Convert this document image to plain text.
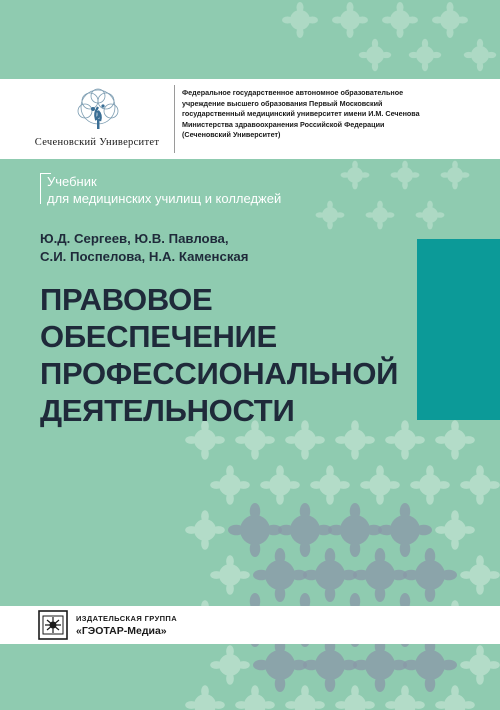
Сеченовский Университет
Федеральное государственное автономное образовательное
учреждение высшего образования Первый Московский
государственный медицинский университет имени И.М. Сеченова
Министерства здравоохранения Российской Федерации
(Сеченовский Университет)
Учебник
для медицинских училищ и колледжей
Ю.Д. Сергеев, Ю.В. Павлова,
С.И. Поспелова, Н.А. Каменская
ПРАВОВОЕ
ОБЕСПЕЧЕНИЕ
ПРОФЕССИОНАЛЬНОЙ
ДЕЯТЕЛЬНОСТИ
ИЗДАТЕЛЬСКАЯ ГРУППА
«ГЭОТАР-Медиа»
